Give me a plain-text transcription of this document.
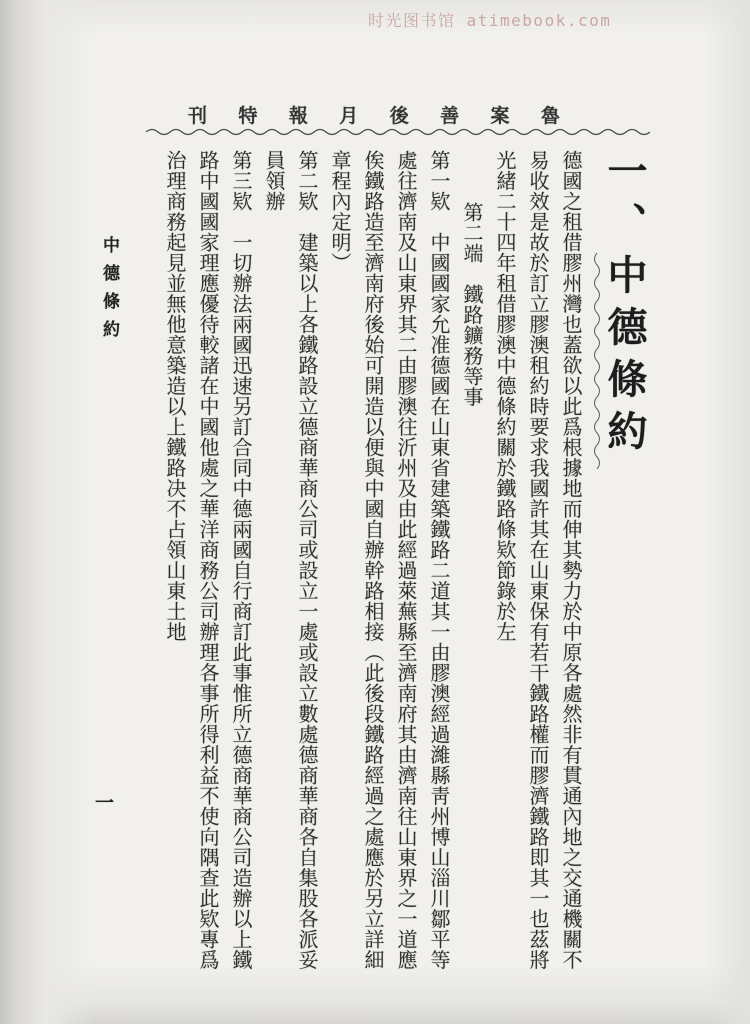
时光图书馆 atimebook.com
魯
案
善
後
月
報
特
刊
一、中德條約
德國之租借膠州灣也蓋欲以此爲根據地而伸其勢力於中原各處然非有貫通內地之交通機關不
易收效是故於訂立膠澳租約時要求我國許其在山東保有若干鐵路權而膠濟鐵路即其一也茲將
光緒二十四年租借膠澳中德條約關於鐵路條欵節錄於左
第二端　鐵路鑛務等事
第一欵　中國國家允准德國在山東省建築鐵路二道其一由膠澳經過濰縣靑州博山淄川鄒平等
處往濟南及山東界其二由膠澳往沂州及由此經過萊蕪縣至濟南府其由濟南往山東界之一道應
俟鐵路造至濟南府後始可開造以便與中國自辦幹路相接（此後段鐵路經過之處應於另立詳細
章程內定明）
第二欵　建築以上各鐵路設立德商華商公司或設立一處或設立數處德商華商各自集股各派妥
員領辦
第三欵　一切辦法兩國迅速另訂合同中德兩國自行商訂此事惟所立德商華商公司造辦以上鐵
路中國國家理應優待較諸在中國他處之華洋商務公司辦理各事所得利益不使向隅查此欵專爲
治理商務起見並無他意築造以上鐵路决不占領山東土地
中德條約
一
